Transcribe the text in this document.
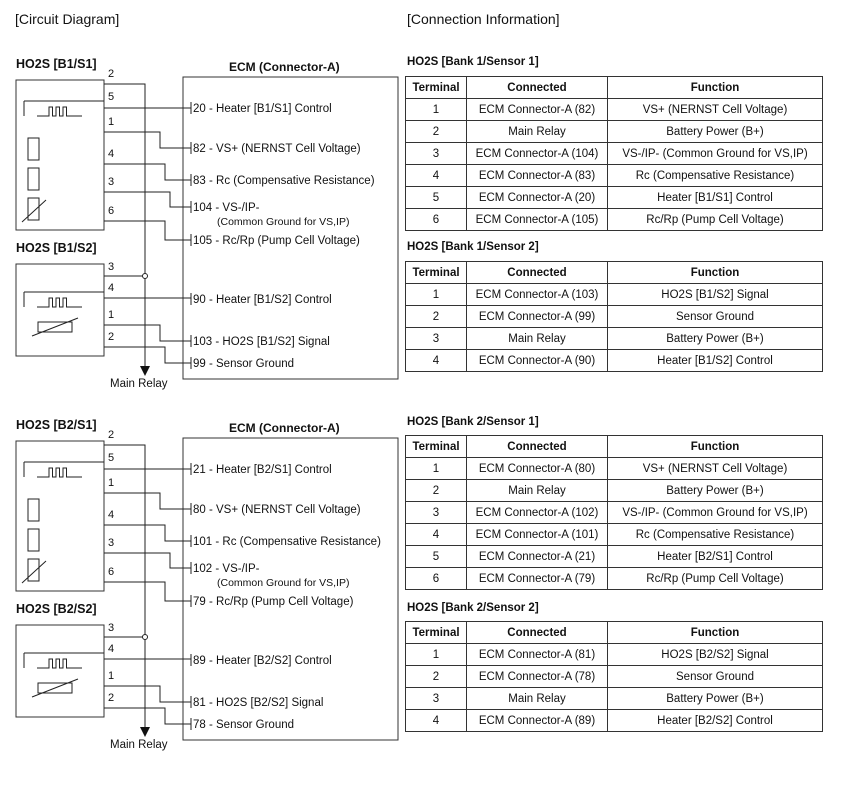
[Circuit Diagram]	[Connection Information]
HO2S [B1/S1]
HO2S [B1/S2]
ECM (Connector-A)
2
5
1
4
3
6
3
4
1
2
Main Relay
20 - Heater [B1/S1] Control
82 - VS+ (NERNST Cell Voltage)
83 - Rc (Compensative Resistance)
104 - VS-/IP-
(Common Ground for VS,IP)
105 - Rc/Rp (Pump Cell Voltage)
90 - Heater [B1/S2] Control
103 - HO2S [B1/S2] Signal
99 - Sensor Ground
HO2S [B2/S1]
HO2S [B2/S2]
ECM (Connector-A)
2
5
1
4
3
6
3
4
1
2
Main Relay
21 - Heater [B2/S1] Control
80 - VS+ (NERNST Cell Voltage)
101 - Rc (Compensative Resistance)
102 - VS-/IP-
(Common Ground for VS,IP)
79 - Rc/Rp (Pump Cell Voltage)
89 - Heater [B2/S2] Control
81 - HO2S [B2/S2] Signal
78 - Sensor Ground
HO2S [Bank 1/Sensor 1]
Terminal	Connected	Function
1	ECM Connector-A (82)	VS+ (NERNST Cell Voltage)
2	Main Relay	Battery Power (B+)
3	ECM Connector-A (104)	VS-/IP- (Common Ground for VS,IP)
4	ECM Connector-A (83)	Rc (Compensative Resistance)
5	ECM Connector-A (20)	Heater [B1/S1] Control
6	ECM Connector-A (105)	Rc/Rp (Pump Cell Voltage)
HO2S [Bank 1/Sensor 2]
Terminal	Connected	Function
1	ECM Connector-A (103)	HO2S [B1/S2] Signal
2	ECM Connector-A (99)	Sensor Ground
3	Main Relay	Battery Power (B+)
4	ECM Connector-A (90)	Heater [B1/S2] Control
HO2S [Bank 2/Sensor 1]
Terminal	Connected	Function
1	ECM Connector-A (80)	VS+ (NERNST Cell Voltage)
2	Main Relay	Battery Power (B+)
3	ECM Connector-A (102)	VS-/IP- (Common Ground for VS,IP)
4	ECM Connector-A (101)	Rc (Compensative Resistance)
5	ECM Connector-A (21)	Heater [B2/S1] Control
6	ECM Connector-A (79)	Rc/Rp (Pump Cell Voltage)
HO2S [Bank 2/Sensor 2]
Terminal	Connected	Function
1	ECM Connector-A (81)	HO2S [B2/S2] Signal
2	ECM Connector-A (78)	Sensor Ground
3	Main Relay	Battery Power (B+)
4	ECM Connector-A (89)	Heater [B2/S2] Control
